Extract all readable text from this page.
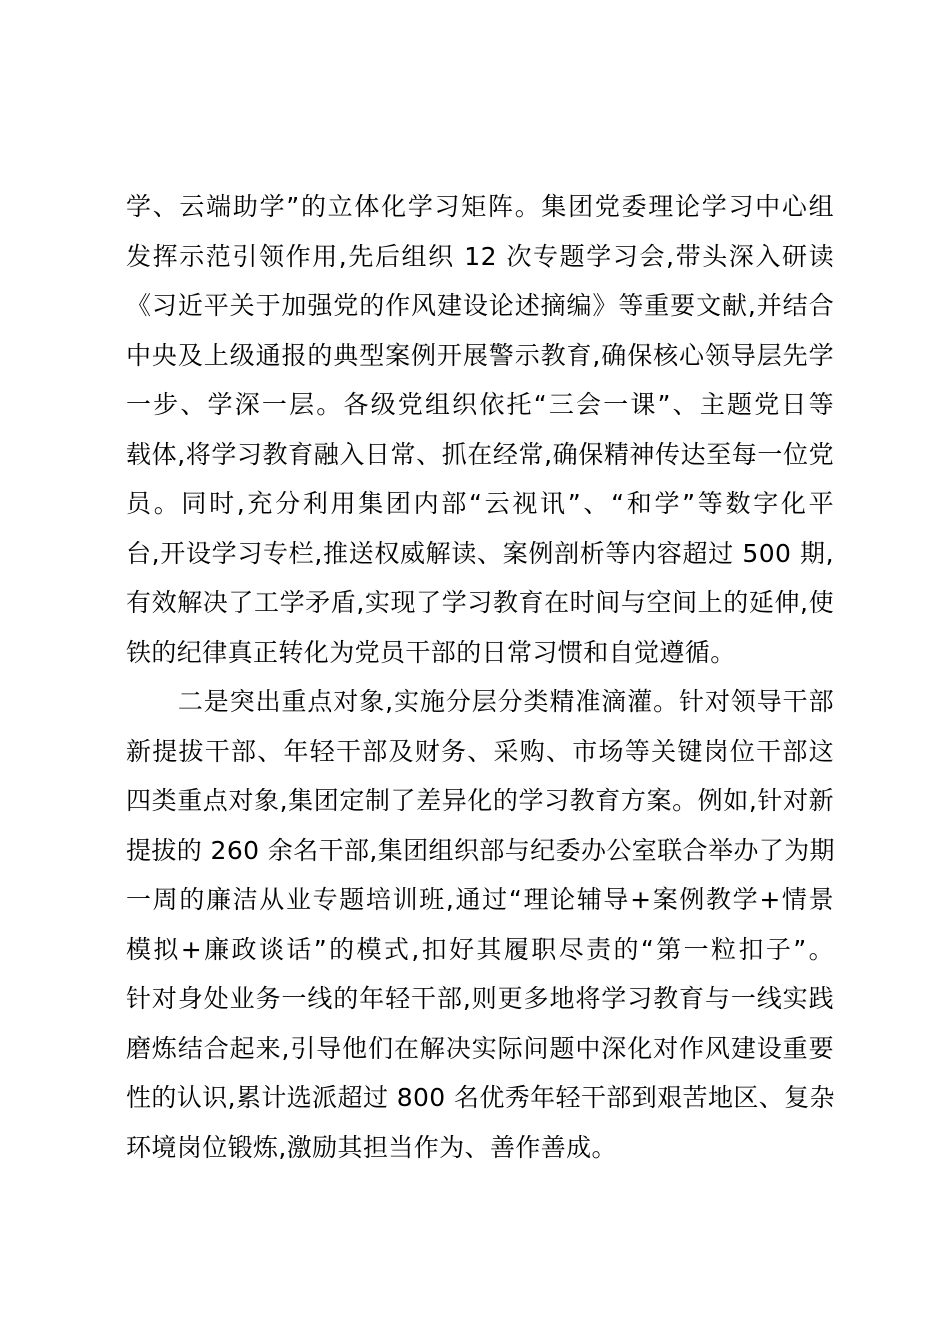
学、云端助学”的立体化学习矩阵。集团党委理论学习中心组
发挥示范引领作用,先后组织 12 次专题学习会,带头深入研读
《习近平关于加强党的作风建设论述摘编》等重要文献,并结合
中央及上级通报的典型案例开展警示教育,确保核心领导层先学
一步、学深一层。各级党组织依托“三会一课”、主题党日等
载体,将学习教育融入日常、抓在经常,确保精神传达至每一位党
员。同时,充分利用集团内部“云视讯”、“和学”等数字化平
台,开设学习专栏,推送权威解读、案例剖析等内容超过 500 期,
有效解决了工学矛盾,实现了学习教育在时间与空间上的延伸,使
铁的纪律真正转化为党员干部的日常习惯和自觉遵循。
　　二是突出重点对象,实施分层分类精准滴灌。针对领导干部
新提拔干部、年轻干部及财务、采购、市场等关键岗位干部这
四类重点对象,集团定制了差异化的学习教育方案。例如,针对新
提拔的 260 余名干部,集团组织部与纪委办公室联合举办了为期
一周的廉洁从业专题培训班,通过“理论辅导+案例教学+情景
模拟+廉政谈话”的模式,扣好其履职尽责的“第一粒扣子”。
针对身处业务一线的年轻干部,则更多地将学习教育与一线实践
磨炼结合起来,引导他们在解决实际问题中深化对作风建设重要
性的认识,累计选派超过 800 名优秀年轻干部到艰苦地区、复杂
环境岗位锻炼,激励其担当作为、善作善成。
